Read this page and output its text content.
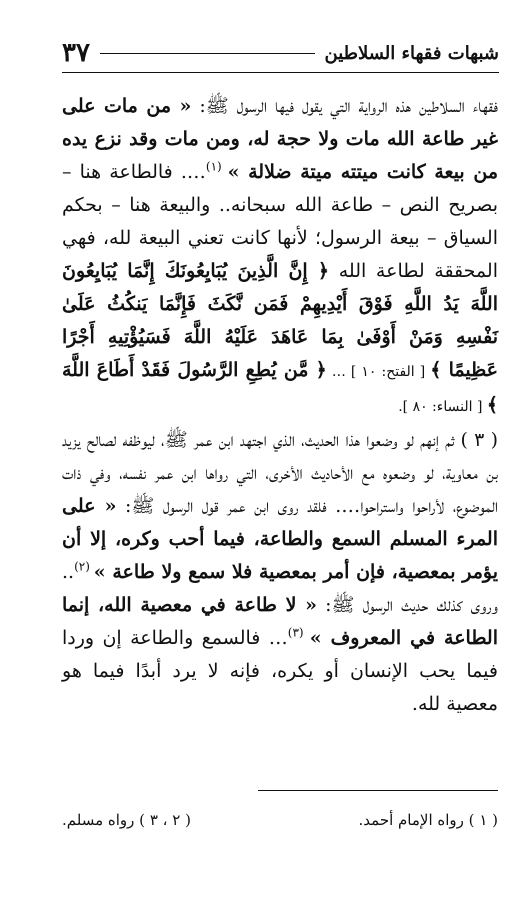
شبهات فقهاء السلاطين
٣٧

فقهاء السلاطين هذه الرواية التي يقول فيها الرسول ﷺ: « من مات على غير طاعة الله مات ولا حجة له، ومن مات وقد نزع يده من بيعة كانت ميتته ميتة ضلالة » $^{(١)}$…. فالطاعة هنا – بصريح النص – طاعة الله سبحانه.. والبيعة هنا – بحكم السياق – بيعة الرسول؛ لأنها كانت تعني البيعة لله، فهي المحققة لطاعة الله ﴿ إِنَّ الَّذِينَ يُبَايِعُونَكَ إِنَّمَا يُبَايِعُونَ اللَّهَ يَدُ اللَّهِ فَوْقَ أَيْدِيهِمْ فَمَن نَّكَثَ فَإِنَّمَا يَنكُثُ عَلَىٰ نَفْسِهِ وَمَنْ أَوْفَىٰ بِمَا عَاهَدَ عَلَيْهُ اللَّهَ فَسَيُؤْتِيهِ أَجْرًا عَظِيمًا ﴾ [ الفتح: ١٠ ] … ﴿ مَّن يُطِعِ الرَّسُولَ فَقَدْ أَطَاعَ اللَّهَ ﴾ [ النساء: ٨٠ ].

( ٣ ) ثم إنهم لو وضعوا هذا الحديث، الذي اجتهد ابن عمر ﷺ، ليوظفه لصالح يزيد بن معاوية، لو وضعوه مع الأحاديث الأخرى، التي رواها ابن عمر نفسه، وفي ذات الموضوع، لأراحوا واستراحوا…. فلقد روى ابن عمر قول الرسول ﷺ: « على المرء المسلم السمع والطاعة، فيما أحب وكره، إلا أن يؤمر بمعصية، فإن أمر بمعصية فلا سمع ولا طاعة » $^{(٢)}$.. وروى كذلك حديث الرسول ﷺ: « لا طاعة في معصية الله، إنما الطاعة في المعروف » $^{(٣)}$… فالسمع والطاعة إن وردا فيما يحب الإنسان أو يكره، فإنه لا يرد أبدًا فيما هو معصية لله.

( ١ ) رواه الإمام أحمد.
( ٢ ، ٣ ) رواه مسلم.
